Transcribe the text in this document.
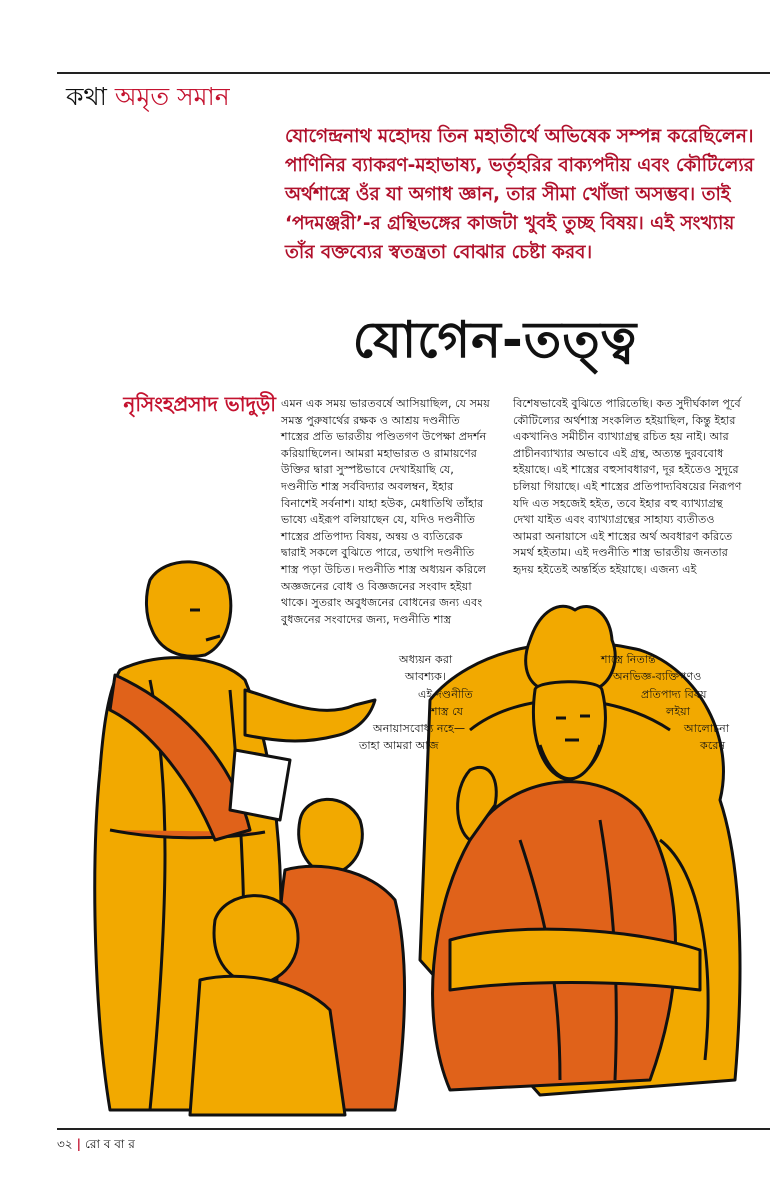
কথা অমৃত সমান
যোগেন্দ্রনাথ মহোদয় তিন মহাতীর্থে অভিষেক সম্পন্ন করেছিলেন। পাণিনির ব্যাকরণ-মহাভাষ্য, ভর্তৃহরির বাক্যপদীয় এবং কৌটিল্যের অর্থশাস্ত্রে ওঁর যা অগাধ জ্ঞান, তার সীমা খোঁজা অসম্ভব। তাই ‘পদমঞ্জরী’-র গ্রন্থিভঙ্গের কাজটা খুবই তুচ্ছ বিষয়। এই সংখ্যায় তাঁর বক্তব্যের স্বতন্ত্রতা বোঝার চেষ্টা করব।
যোগেন-তত্ত্ব
নৃসিংহপ্রসাদ ভাদুড়ী এমন এক সময় ভারতবর্ষে আসিয়াছিল, যে সময় সমস্ত পুরুষার্থের রক্ষক ও আশ্রয় দণ্ডনীতি শাস্ত্রের প্রতি ভারতীয় পণ্ডিতগণ উপেক্ষা প্রদর্শন করিয়াছিলেন। আমরা মহাভারত ও রামায়ণের উক্তির দ্বারা সুস্পষ্টভাবে দেখাইয়াছি যে, দণ্ডনীতি শাস্ত্র সর্ববিদ্যার অবলম্বন, ইহার বিনাশেই সর্বনাশ। যাহা হউক, মেধাতিথি তাঁহার ভাষ্যে এইরূপ বলিয়াছেন যে, যদিও দণ্ডনীতি শাস্ত্রের প্রতিপাদ্য বিষয়, অন্বয় ও ব্যতিরেক দ্বারাই সকলে বুঝিতে পারে, তথাপি দণ্ডনীতি শাস্ত্র পড়া উচিত। দণ্ডনীতি শাস্ত্র অধ্যয়ন করিলে অজ্ঞজনের বোধ ও বিজ্ঞজনের সংবাদ হইয়া থাকে। সুতরাং অবুধজনের বোধনের জন্য এবং বুধজনের সংবাদের জন্য, দণ্ডনীতি শাস্ত্র

অধ্যয়ন করা
আবশ্যক।
এই দণ্ডনীতি
শাস্ত্র যে
অনায়াসবোধ্য নহে—
তাহা আমরা আজ

বিশেষভাবেই বুঝিতে পারিতেছি। কত সুদীর্ঘকাল পূর্বে কৌটিল্যের অর্থশাস্ত্র সংকলিত হইয়াছিল, কিন্তু ইহার একখানিও সমীচীন ব্যাখ্যাগ্রন্থ রচিত হয় নাই। আর প্রাচীনব্যাখ্যার অভাবে এই গ্রন্থ, অত্যন্ত দুরববোধ হইয়াছে। এই শাস্ত্রের বহুসাবধারণ, দূর হইতেও সুদূরে চলিয়া গিয়াছে। এই শাস্ত্রের প্রতিপাদ্যবিষয়ের নিরূপণ যদি এত সহজেই হইত, তবে ইহার বহু ব্যাখ্যাগ্রন্থ দেখা যাইত এবং ব্যাখ্যাগ্রন্থের সাহায্য ব্যতীতও আমরা অনায়াসে এই শাস্ত্রের অর্থ অবধারণ করিতে সমর্থ হইতাম। এই দণ্ডনীতি শাস্ত্র ভারতীয় জনতার হৃদয় হইতেই অন্তর্হিত হইয়াছে। এজন্য এই

শাস্ত্রে নিতান্ত
অনভিজ্ঞ-ব্যক্তিগণও
প্রতিপাদ্য বিষয়
লইয়া
আলোচনা
করেন
৩২ | রো ব বা র
